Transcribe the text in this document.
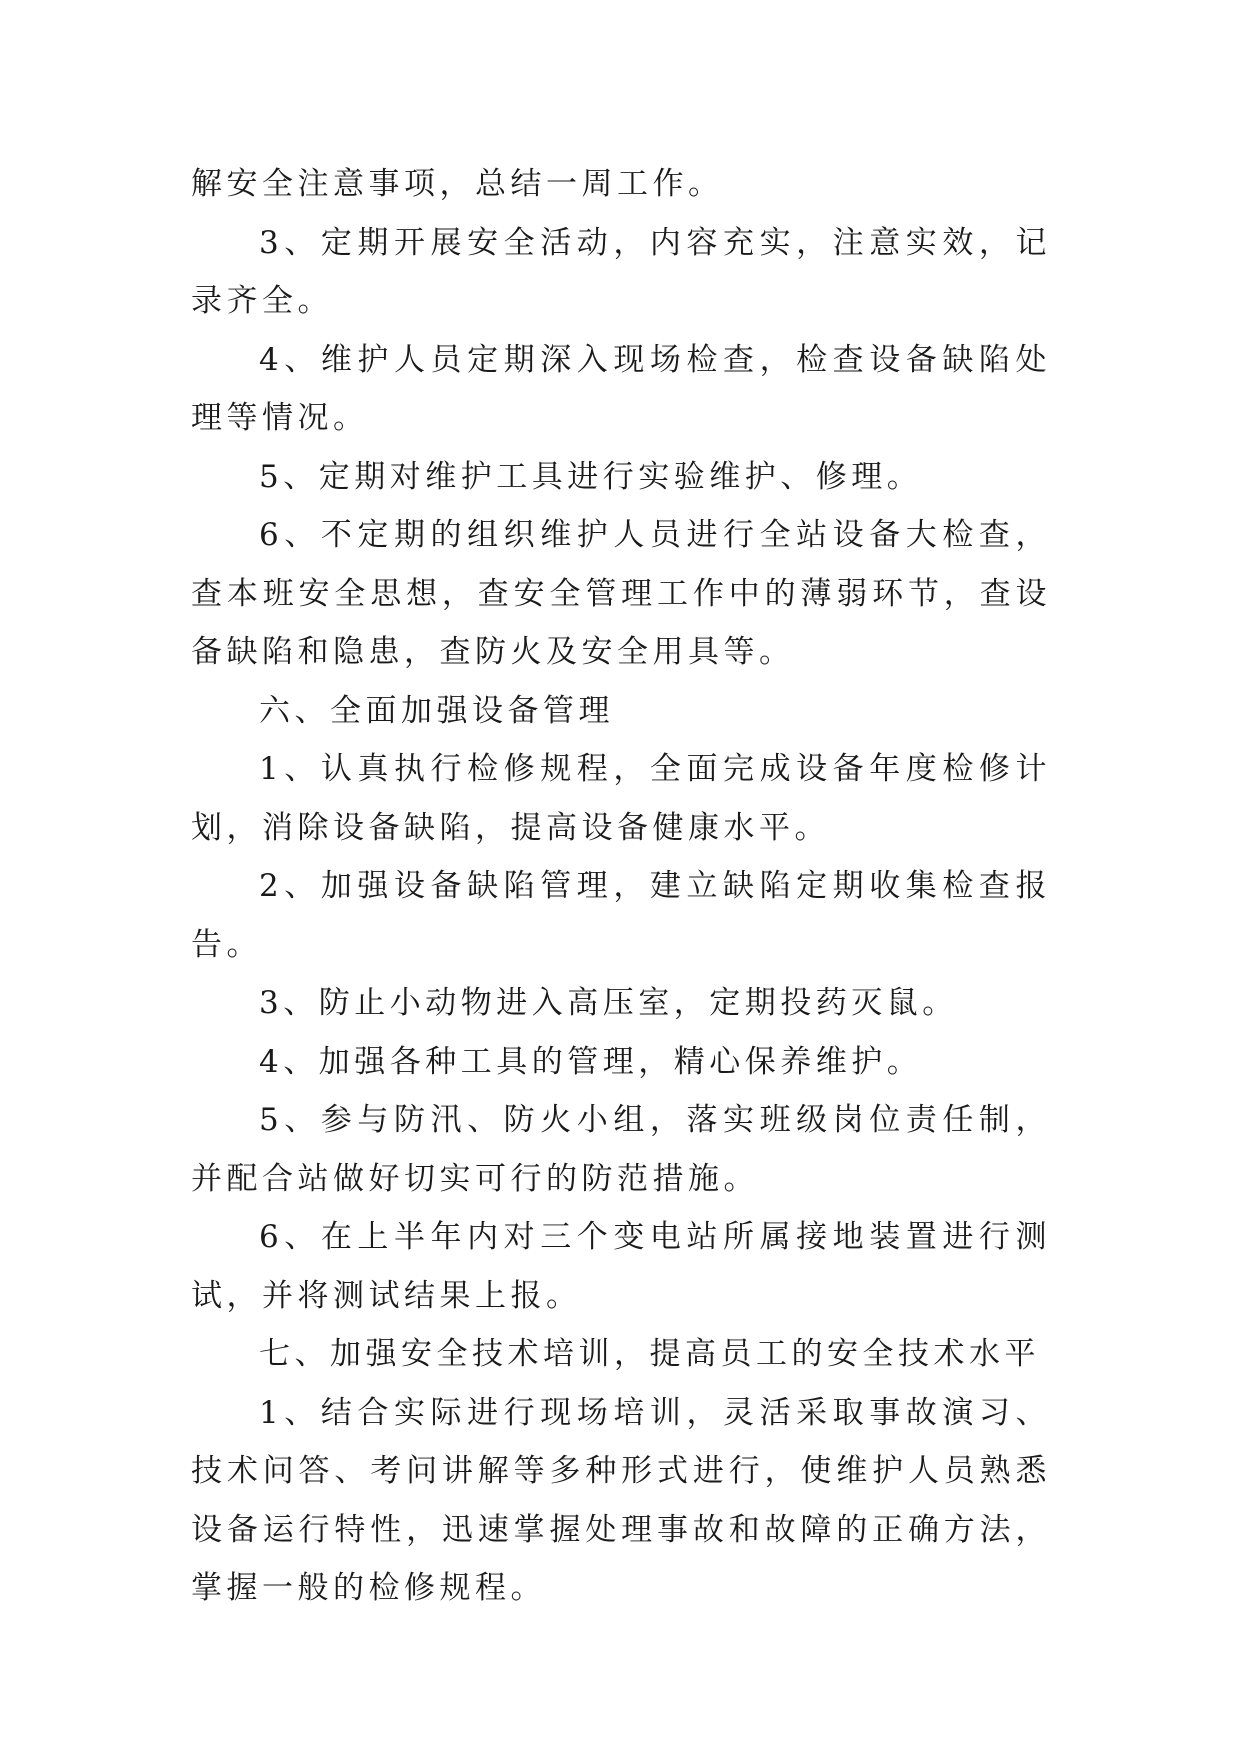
解安全注意事项，总结一周工作。

3、定期开展安全活动，内容充实，注意实效，记录齐全。

4、维护人员定期深入现场检查，检查设备缺陷处理等情况。

5、定期对维护工具进行实验维护、修理。

6、不定期的组织维护人员进行全站设备大检查，查本班安全思想，查安全管理工作中的薄弱环节，查设备缺陷和隐患，查防火及安全用具等。

六、全面加强设备管理

1、认真执行检修规程，全面完成设备年度检修计划，消除设备缺陷，提高设备健康水平。

2、加强设备缺陷管理，建立缺陷定期收集检查报告。

3、防止小动物进入高压室，定期投药灭鼠。

4、加强各种工具的管理，精心保养维护。

5、参与防汛、防火小组，落实班级岗位责任制，并配合站做好切实可行的防范措施。

6、在上半年内对三个变电站所属接地装置进行测试，并将测试结果上报。

七、加强安全技术培训，提高员工的安全技术水平

1、结合实际进行现场培训，灵活采取事故演习、技术问答、考问讲解等多种形式进行，使维护人员熟悉设备运行特性，迅速掌握处理事故和故障的正确方法，掌握一般的检修规程。
